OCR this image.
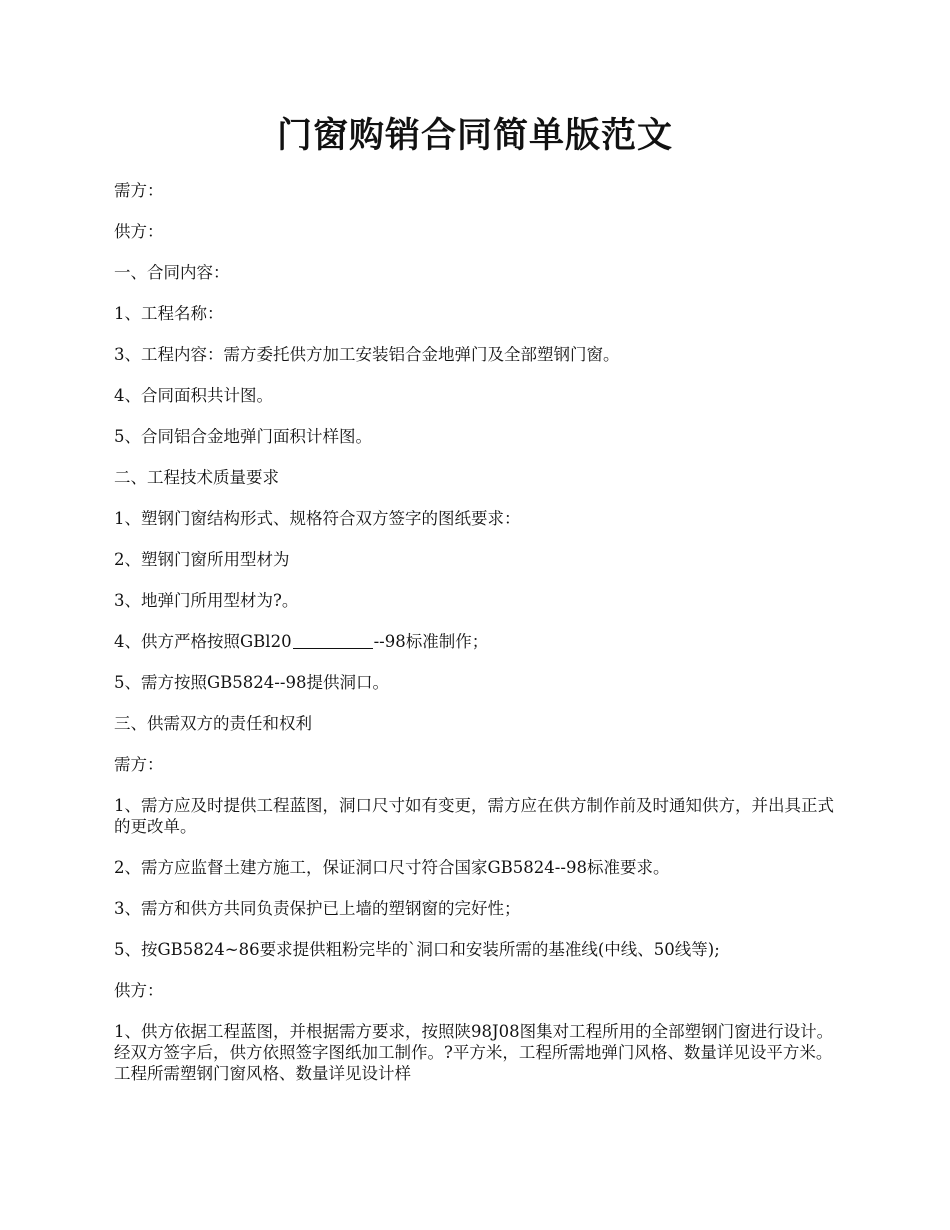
门窗购销合同简单版范文

需方：

供方：

一、合同内容：

1、工程名称：

3、工程内容：需方委托供方加工安装铝合金地弹门及全部塑钢门窗。

4、合同面积共计图。

5、合同铝合金地弹门面积计样图。

二、工程技术质量要求

1、塑钢门窗结构形式、规格符合双方签字的图纸要求：

2、塑钢门窗所用型材为

3、地弹门所用型材为?。

4、供方严格按照GBl20	--98标准制作；

5、需方按照GB5824--98提供洞口。

三、供需双方的责任和权利

需方：

1、需方应及时提供工程蓝图，洞口尺寸如有变更，需方应在供方制作前及时通知供方，并出具正式的更改单。

2、需方应监督土建方施工，保证洞口尺寸符合国家GB5824--98标准要求。

3、需方和供方共同负责保护已上墙的塑钢窗的完好性；

5、按GB5824~86要求提供粗粉完毕的`洞口和安装所需的基准线(中线、50线等);

供方：

1、供方依据工程蓝图，并根据需方要求，按照陕98J08图集对工程所用的全部塑钢门窗进行设计。经双方签字后，供方依照签字图纸加工制作。?平方米，工程所需地弹门风格、数量详见设平方米。工程所需塑钢门窗风格、数量详见设计样
